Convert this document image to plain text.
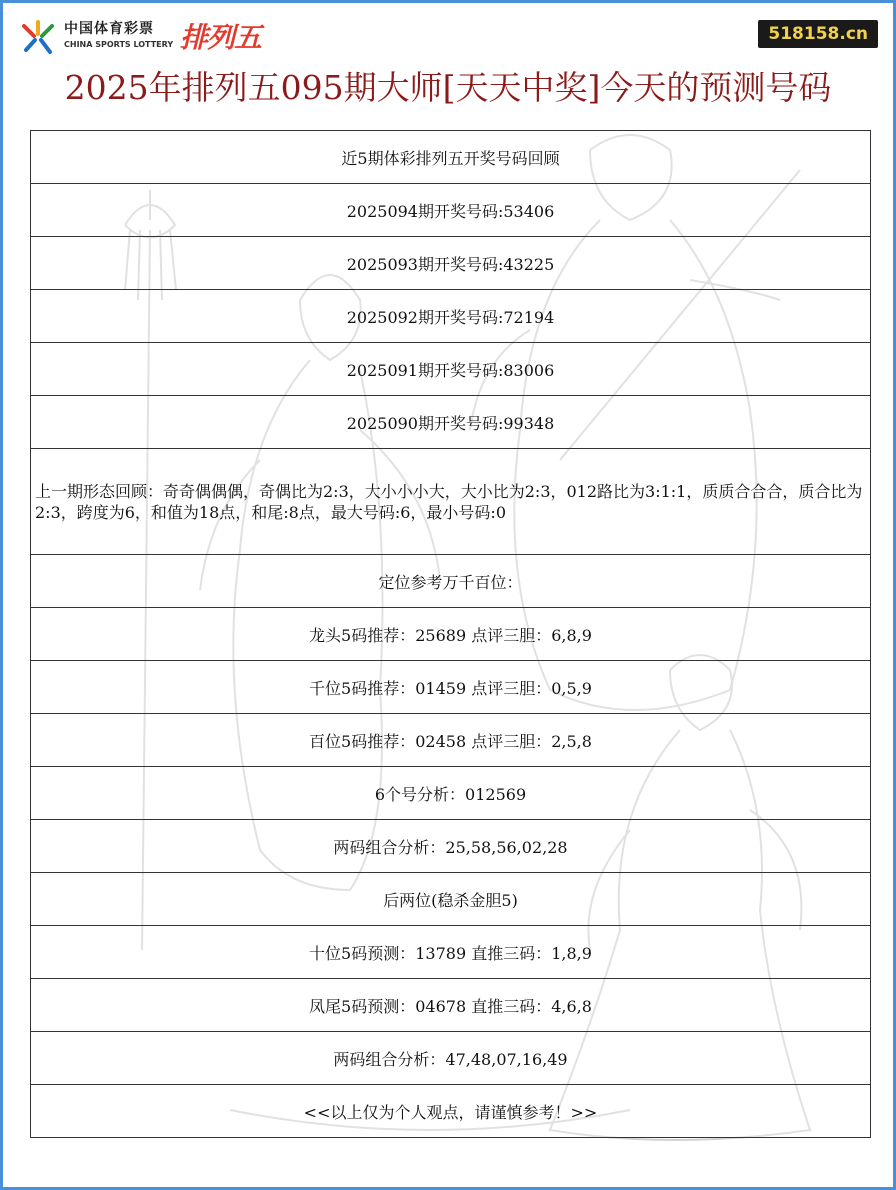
中国体育彩票
CHINA SPORTS LOTTERY 排列五	518158.cn
2025年排列五095期大师[天天中奖]今天的预测号码
近5期体彩排列五开奖号码回顾
2025094期开奖号码:53406
2025093期开奖号码:43225
2025092期开奖号码:72194
2025091期开奖号码:83006
2025090期开奖号码:99348
上一期形态回顾：奇奇偶偶偶，奇偶比为2:3，大小小小大，大小比为2:3，012路比为3:1:1，质质合合合，质合比为2:3，跨度为6，和值为18点，和尾:8点，最大号码:6，最小号码:0
定位参考万千百位：
龙头5码推荐：25689 点评三胆：6,8,9
千位5码推荐：01459 点评三胆：0,5,9
百位5码推荐：02458 点评三胆：2,5,8
6个号分析：012569
两码组合分析：25,58,56,02,28
后两位(稳杀金胆5)
十位5码预测：13789 直推三码：1,8,9
凤尾5码预测：04678 直推三码：4,6,8
两码组合分析：47,48,07,16,49
<<以上仅为个人观点，请谨慎参考！>>
